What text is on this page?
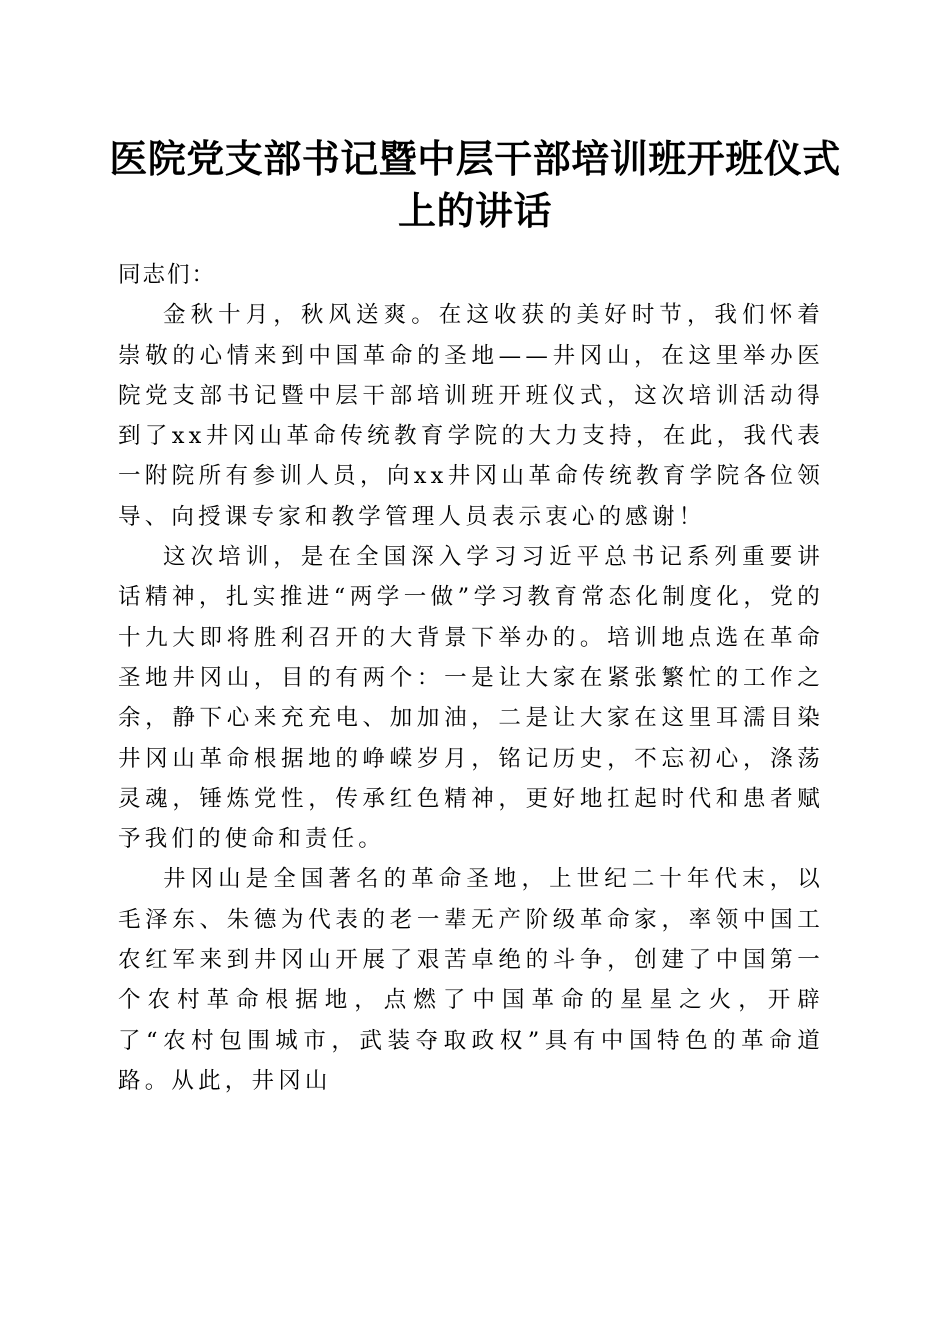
医院党支部书记暨中层干部培训班开班仪式上的讲话

同志们：

金秋十月，秋风送爽。在这收获的美好时节，我们怀着崇敬的心情来到中国革命的圣地——井冈山，在这里举办医院党支部书记暨中层干部培训班开班仪式，这次培训活动得到了xx井冈山革命传统教育学院的大力支持，在此，我代表一附院所有参训人员，向xx井冈山革命传统教育学院各位领导、向授课专家和教学管理人员表示衷心的感谢！

这次培训，是在全国深入学习习近平总书记系列重要讲话精神，扎实推进“两学一做”学习教育常态化制度化，党的十九大即将胜利召开的大背景下举办的。培训地点选在革命圣地井冈山，目的有两个：一是让大家在紧张繁忙的工作之余，静下心来充充电、加加油，二是让大家在这里耳濡目染井冈山革命根据地的峥嵘岁月，铭记历史，不忘初心，涤荡灵魂，锤炼党性，传承红色精神，更好地扛起时代和患者赋予我们的使命和责任。

井冈山是全国著名的革命圣地，上世纪二十年代末，以毛泽东、朱德为代表的老一辈无产阶级革命家，率领中国工农红军来到井冈山开展了艰苦卓绝的斗争，创建了中国第一个农村革命根据地，点燃了中国革命的星星之火，开辟了“农村包围城市，武装夺取政权”具有中国特色的革命道路。从此，井冈山
